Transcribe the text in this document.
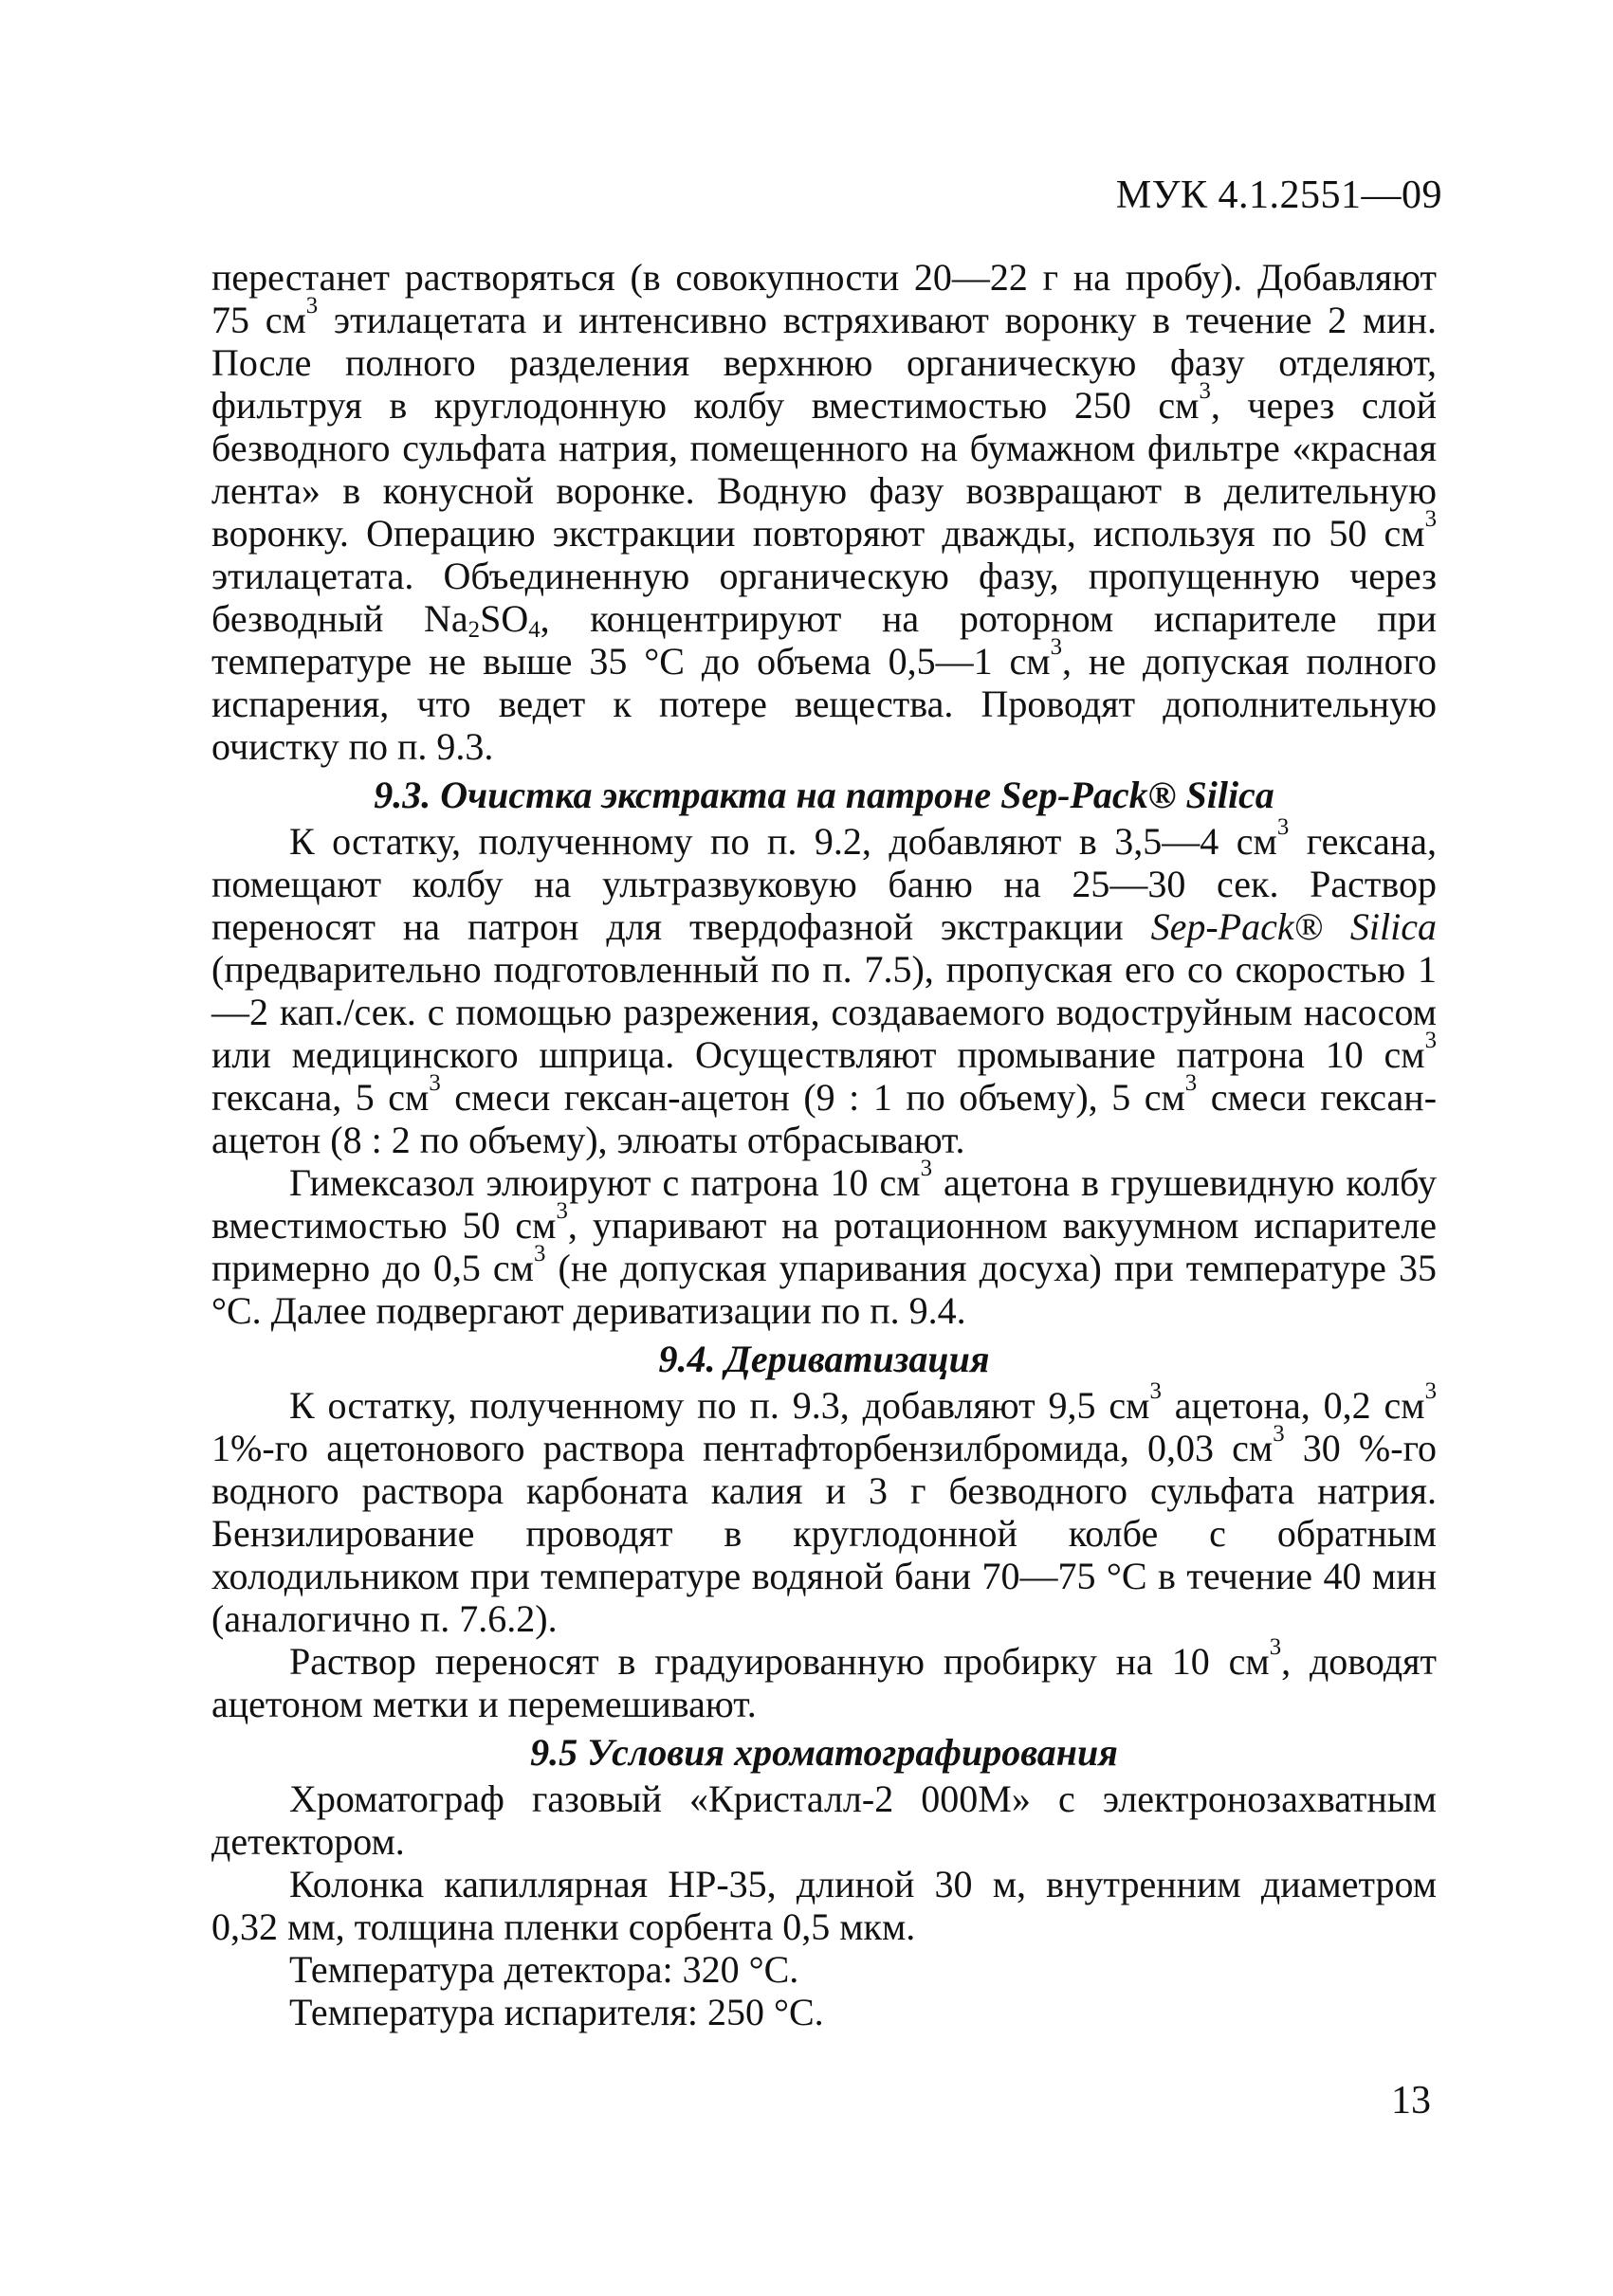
МУК 4.1.2551—09

перестанет растворяться (в совокупности 20—22 г на пробу). Добавляют 75 $см^3$ этилацетата и интенсивно встряхивают воронку в течение 2 мин. После полного разделения верхнюю органическую фазу отделяют, фильтруя в круглодонную колбу вместимостью 250 $см^3$, через слой безводного сульфата натрия, помещенного на бумажном фильтре «красная лента» в конусной воронке. Водную фазу возвращают в делительную воронку. Операцию экстракции повторяют дважды, используя по 50 $см^3$ этилацетата. Объединенную органическую фазу, пропущенную через безводный $Na_2SO_4$, концентрируют на роторном испарителе при температуре не выше 35 °С до объема 0,5—1 $см^3$, не допуская полного испарения, что ведет к потере вещества. Проводят дополнительную очистку по п. 9.3.

9.3. Очистка экстракта на патроне Sep-Pack® Silica

К остатку, полученному по п. 9.2, добавляют в 3,5—4 $см^3$ гексана, помещают колбу на ультразвуковую баню на 25—30 сек. Раствор переносят на патрон для твердофазной экстракции Sep-Pack® Silica (предварительно подготовленный по п. 7.5), пропуская его со скоростью 1—2 кап./сек. с помощью разрежения, создаваемого водоструйным насосом или медицинского шприца. Осуществляют промывание патрона 10 $см^3$ гексана, 5 $см^3$ смеси гексан-ацетон (9 : 1 по объему), 5 $см^3$ смеси гексан-ацетон (8 : 2 по объему), элюаты отбрасывают.

Гимексазол элюируют с патрона 10 $см^3$ ацетона в грушевидную колбу вместимостью 50 $см^3$, упаривают на ротационном вакуумном испарителе примерно до 0,5 $см^3$ (не допуская упаривания досуха) при температуре 35 °С. Далее подвергают дериватизации по п. 9.4.

9.4. Дериватизация

К остатку, полученному по п. 9.3, добавляют 9,5 $см^3$ ацетона, 0,2 $см^3$ 1%-го ацетонового раствора пентафторбензилбромида, 0,03 $см^3$ 30 %-го водного раствора карбоната калия и 3 г безводного сульфата натрия. Бензилирование проводят в круглодонной колбе с обратным холодильником при температуре водяной бани 70—75 °С в течение 40 мин (аналогично п. 7.6.2).

Раствор переносят в градуированную пробирку на 10 $см^3$, доводят ацетоном метки и перемешивают.

9.5 Условия хроматографирования

Хроматограф газовый «Кристалл-2 000М» с электронозахватным детектором.

Колонка капиллярная НР-35, длиной 30 м, внутренним диаметром 0,32 мм, толщина пленки сорбента 0,5 мкм.

Температура детектора: 320 °С.

Температура испарителя: 250 °С.

13
